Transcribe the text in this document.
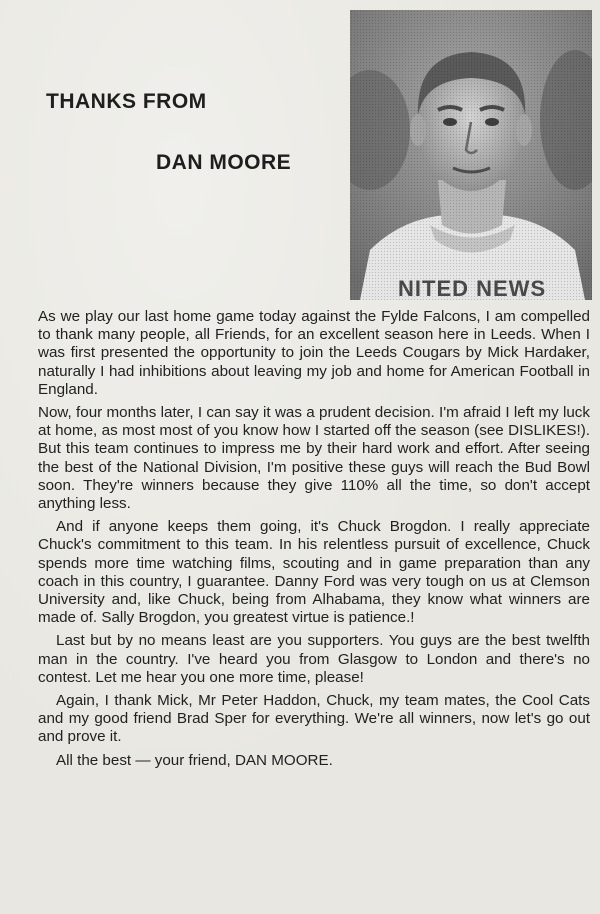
THANKS FROM
DAN MOORE

As we play our last home game today against the Fylde Falcons, I am compelled to thank many people, all Friends, for an excellent season here in Leeds. When I was first presented the opportunity to join the Leeds Cougars by Mick Hardaker, naturally I had inhibitions about leaving my job and home for American Football in England.

Now, four months later, I can say it was a prudent decision. I'm afraid I left my luck at home, as most most of you know how I started off the season (see DISLIKES!). But this team continues to impress me by their hard work and effort. After seeing the best of the National Division, I'm positive these guys will reach the Bud Bowl soon. They're winners because they give 110% all the time, so don't accept anything less.

And if anyone keeps them going, it's Chuck Brogdon. I really appreciate Chuck's commitment to this team. In his relentless pursuit of excellence, Chuck spends more time watching films, scouting and in game preparation than any coach in this country, I guarantee. Danny Ford was very tough on us at Clemson University and, like Chuck, being from Alhabama, they know what winners are made of. Sally Brogdon, you greatest virtue is patience.!

Last but by no means least are you supporters. You guys are the best twelfth man in the country. I've heard you from Glasgow to London and there's no contest. Let me hear you one more time, please!

Again, I thank Mick, Mr Peter Haddon, Chuck, my team mates, the Cool Cats and my good friend Brad Sper for everything. We're all winners, now let's go out and prove it.

All the best — your friend, DAN MOORE.
